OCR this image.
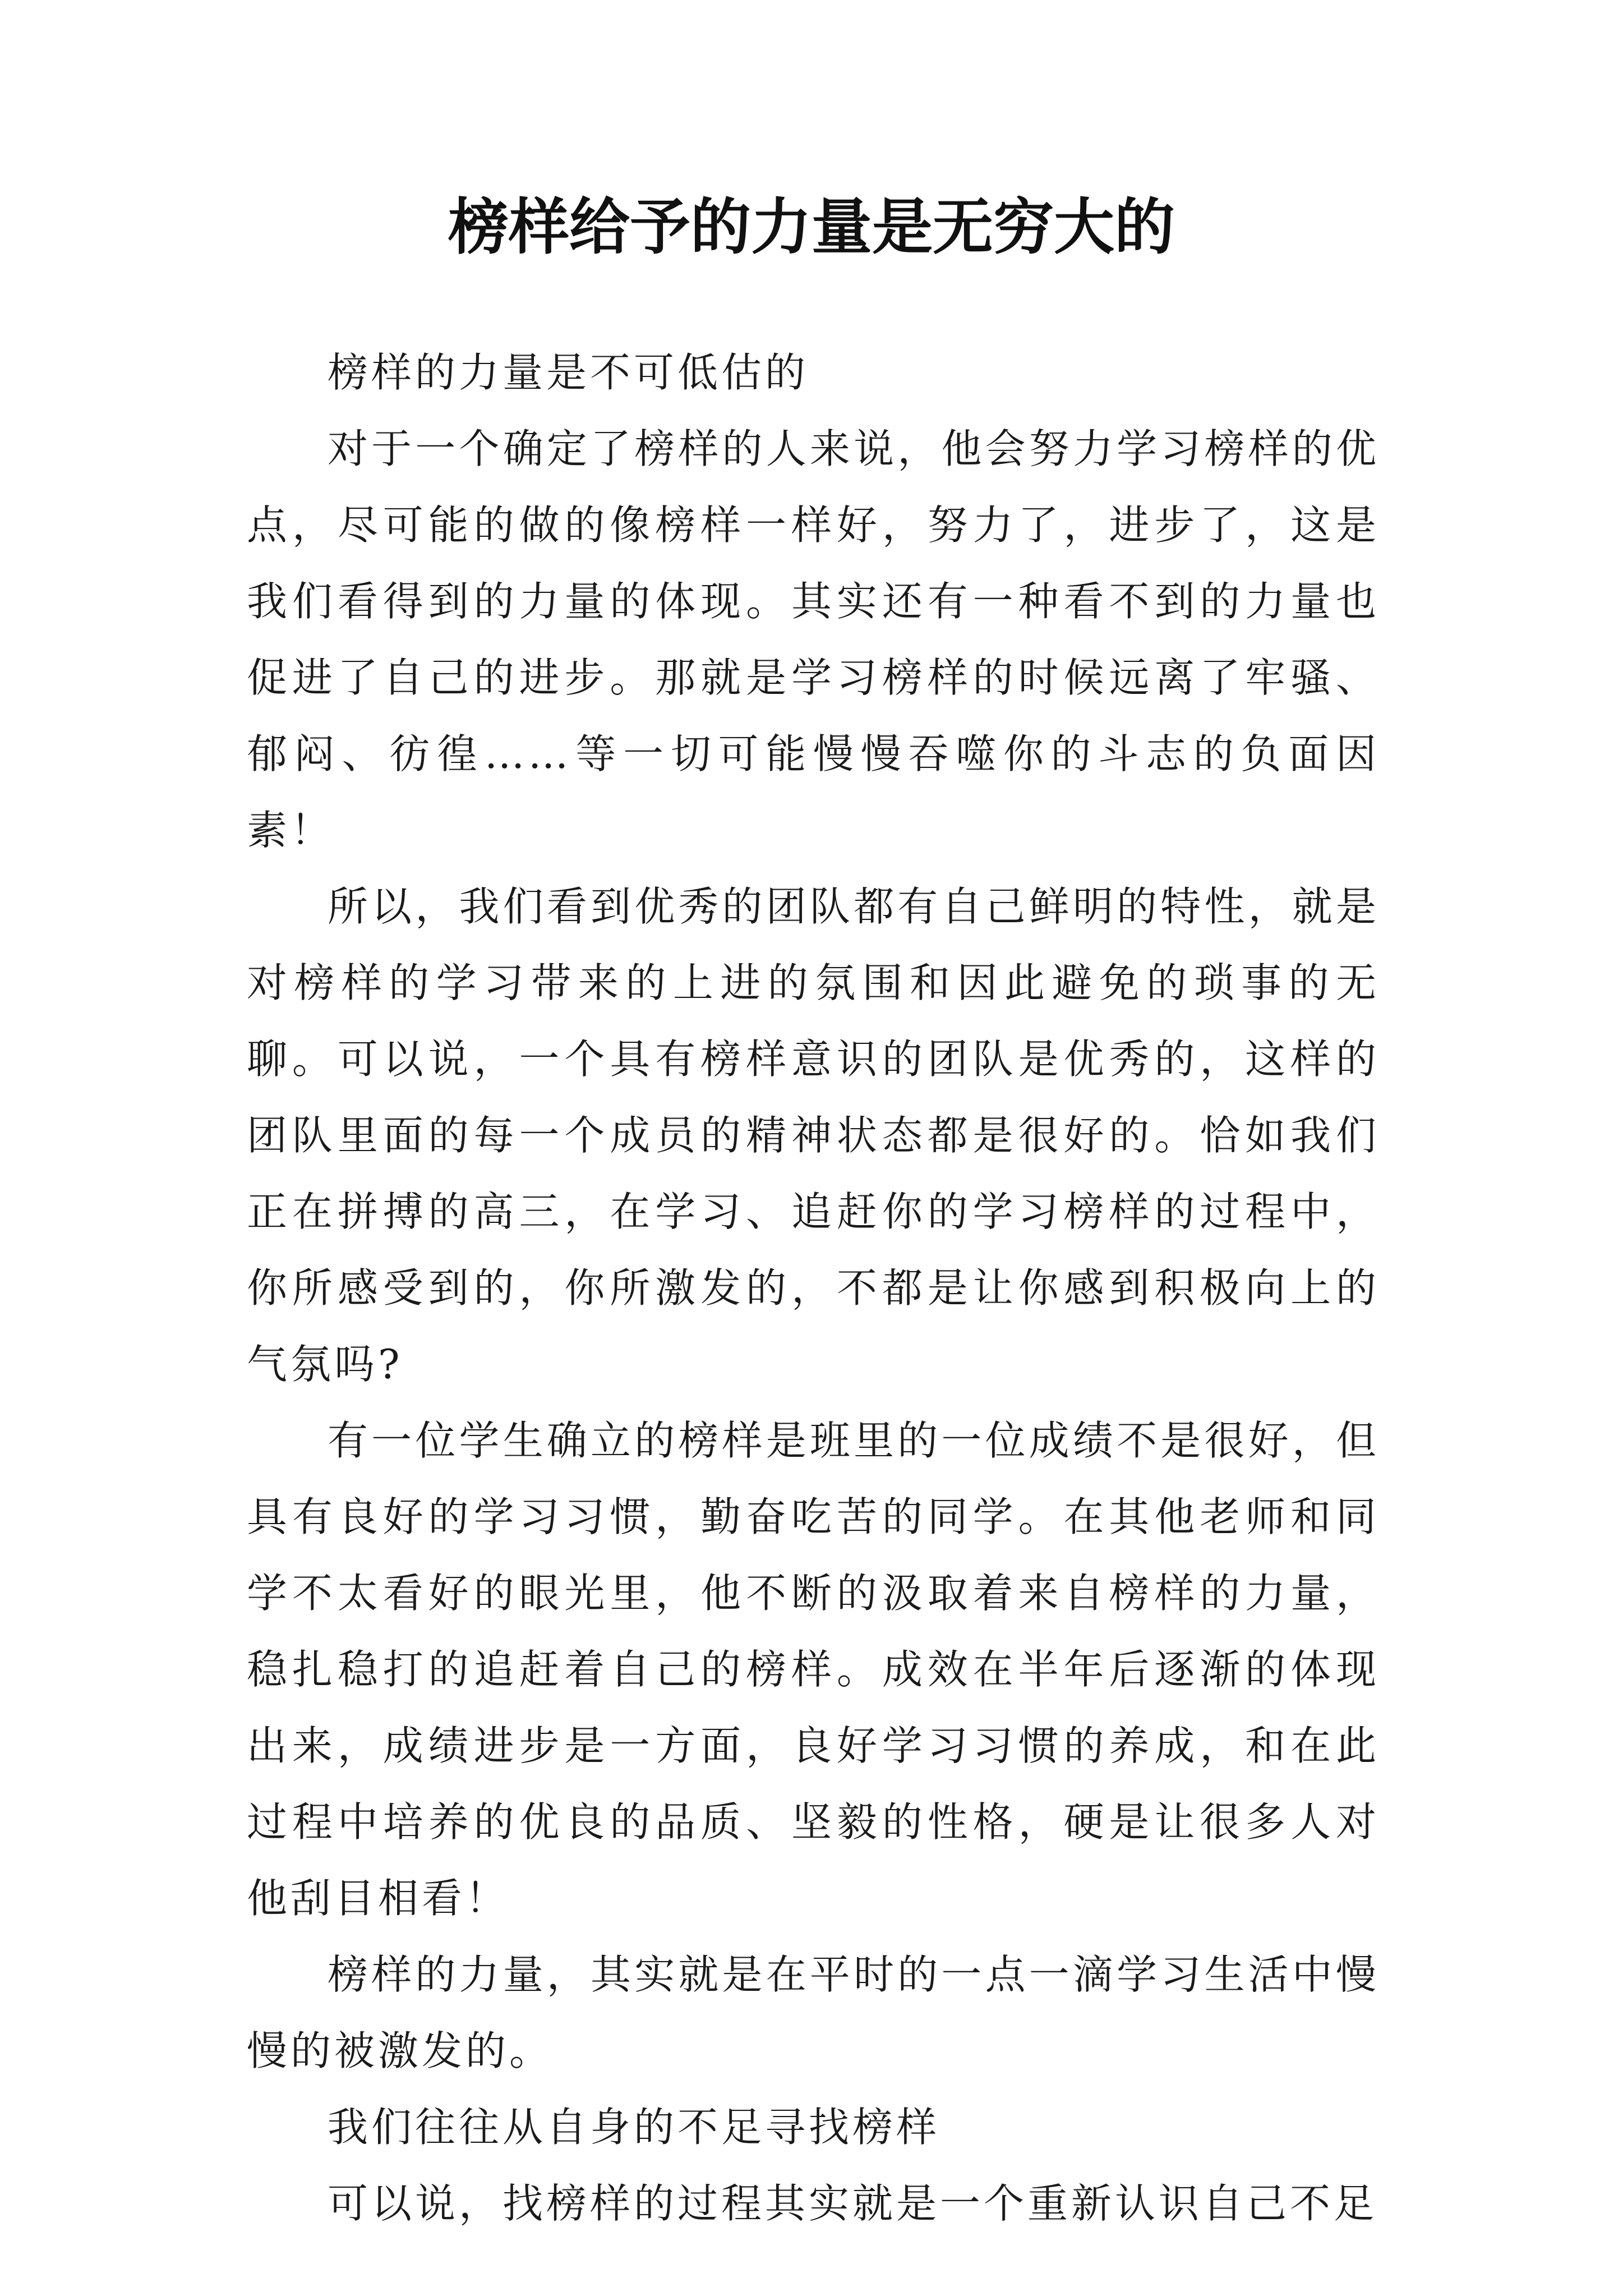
榜样给予的力量是无穷大的

榜样的力量是不可低估的

对于一个确定了榜样的人来说，他会努力学习榜样的优点，尽可能的做的像榜样一样好，努力了，进步了，这是我们看得到的力量的体现。其实还有一种看不到的力量也促进了自己的进步。那就是学习榜样的时候远离了牢骚、郁闷、彷徨……等一切可能慢慢吞噬你的斗志的负面因素！

所以，我们看到优秀的团队都有自己鲜明的特性，就是对榜样的学习带来的上进的氛围和因此避免的琐事的无聊。可以说，一个具有榜样意识的团队是优秀的，这样的团队里面的每一个成员的精神状态都是很好的。恰如我们正在拼搏的高三，在学习、追赶你的学习榜样的过程中，你所感受到的，你所激发的，不都是让你感到积极向上的气氛吗?

有一位学生确立的榜样是班里的一位成绩不是很好，但具有良好的学习习惯，勤奋吃苦的同学。在其他老师和同学不太看好的眼光里，他不断的汲取着来自榜样的力量，稳扎稳打的追赶着自己的榜样。成效在半年后逐渐的体现出来，成绩进步是一方面，良好学习习惯的养成，和在此过程中培养的优良的品质、坚毅的性格，硬是让很多人对他刮目相看！

榜样的力量，其实就是在平时的一点一滴学习生活中慢慢的被激发的。

我们往往从自身的不足寻找榜样

可以说，找榜样的过程其实就是一个重新认识自己不足
